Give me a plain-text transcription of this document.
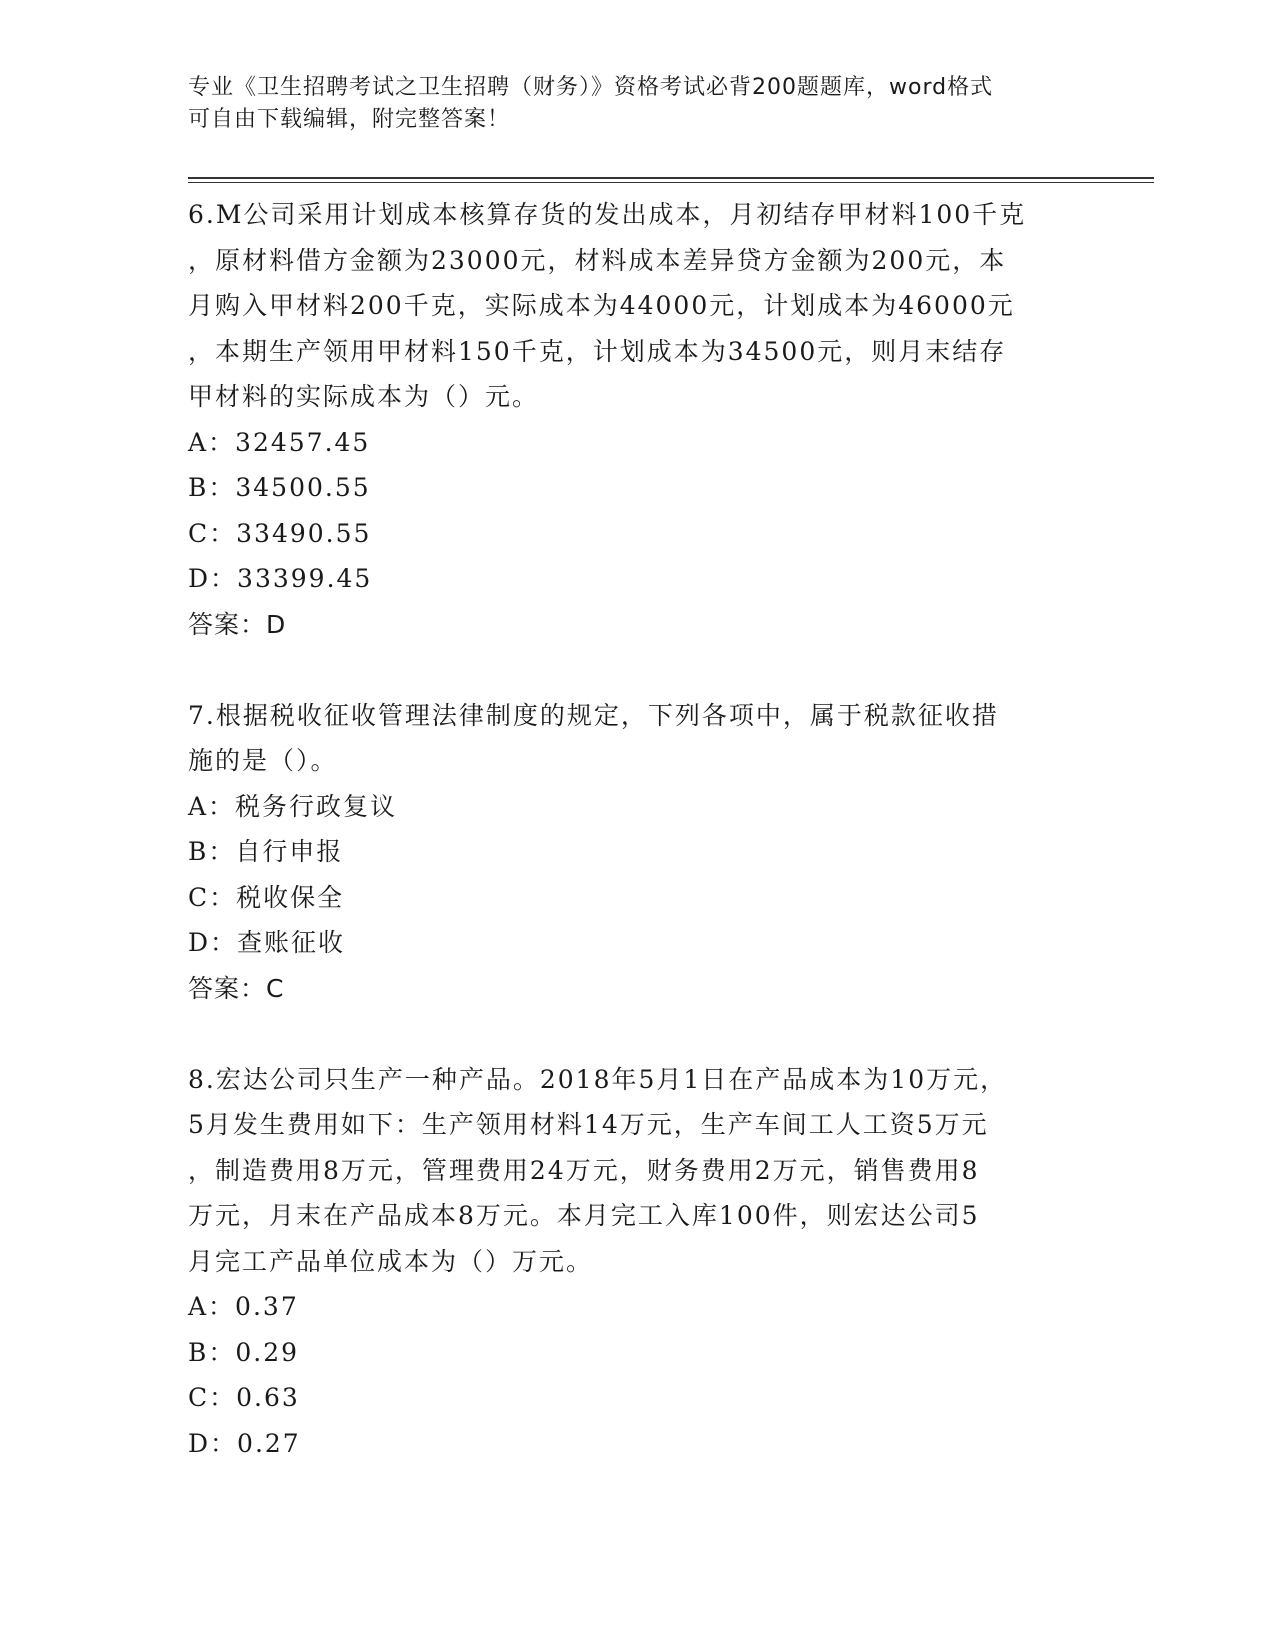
专业《卫生招聘考试之卫生招聘（财务）》资格考试必背200题题库，word格式
可自由下载编辑，附完整答案！
6.M公司采用计划成本核算存货的发出成本，月初结存甲材料100千克
，原材料借方金额为23000元，材料成本差异贷方金额为200元，本
月购入甲材料200千克，实际成本为44000元，计划成本为46000元
，本期生产领用甲材料150千克，计划成本为34500元，则月末结存
甲材料的实际成本为（）元。
A：32457.45
B：34500.55
C：33490.55
D：33399.45
答案：D
7.根据税收征收管理法律制度的规定，下列各项中，属于税款征收措
施的是（）。
A：税务行政复议
B：自行申报
C：税收保全
D：查账征收
答案：C
8.宏达公司只生产一种产品。2018年5月1日在产品成本为10万元，
5月发生费用如下：生产领用材料14万元，生产车间工人工资5万元
，制造费用8万元，管理费用24万元，财务费用2万元，销售费用8
万元，月末在产品成本8万元。本月完工入库100件，则宏达公司5
月完工产品单位成本为（）万元。
A：0.37
B：0.29
C：0.63
D：0.27
